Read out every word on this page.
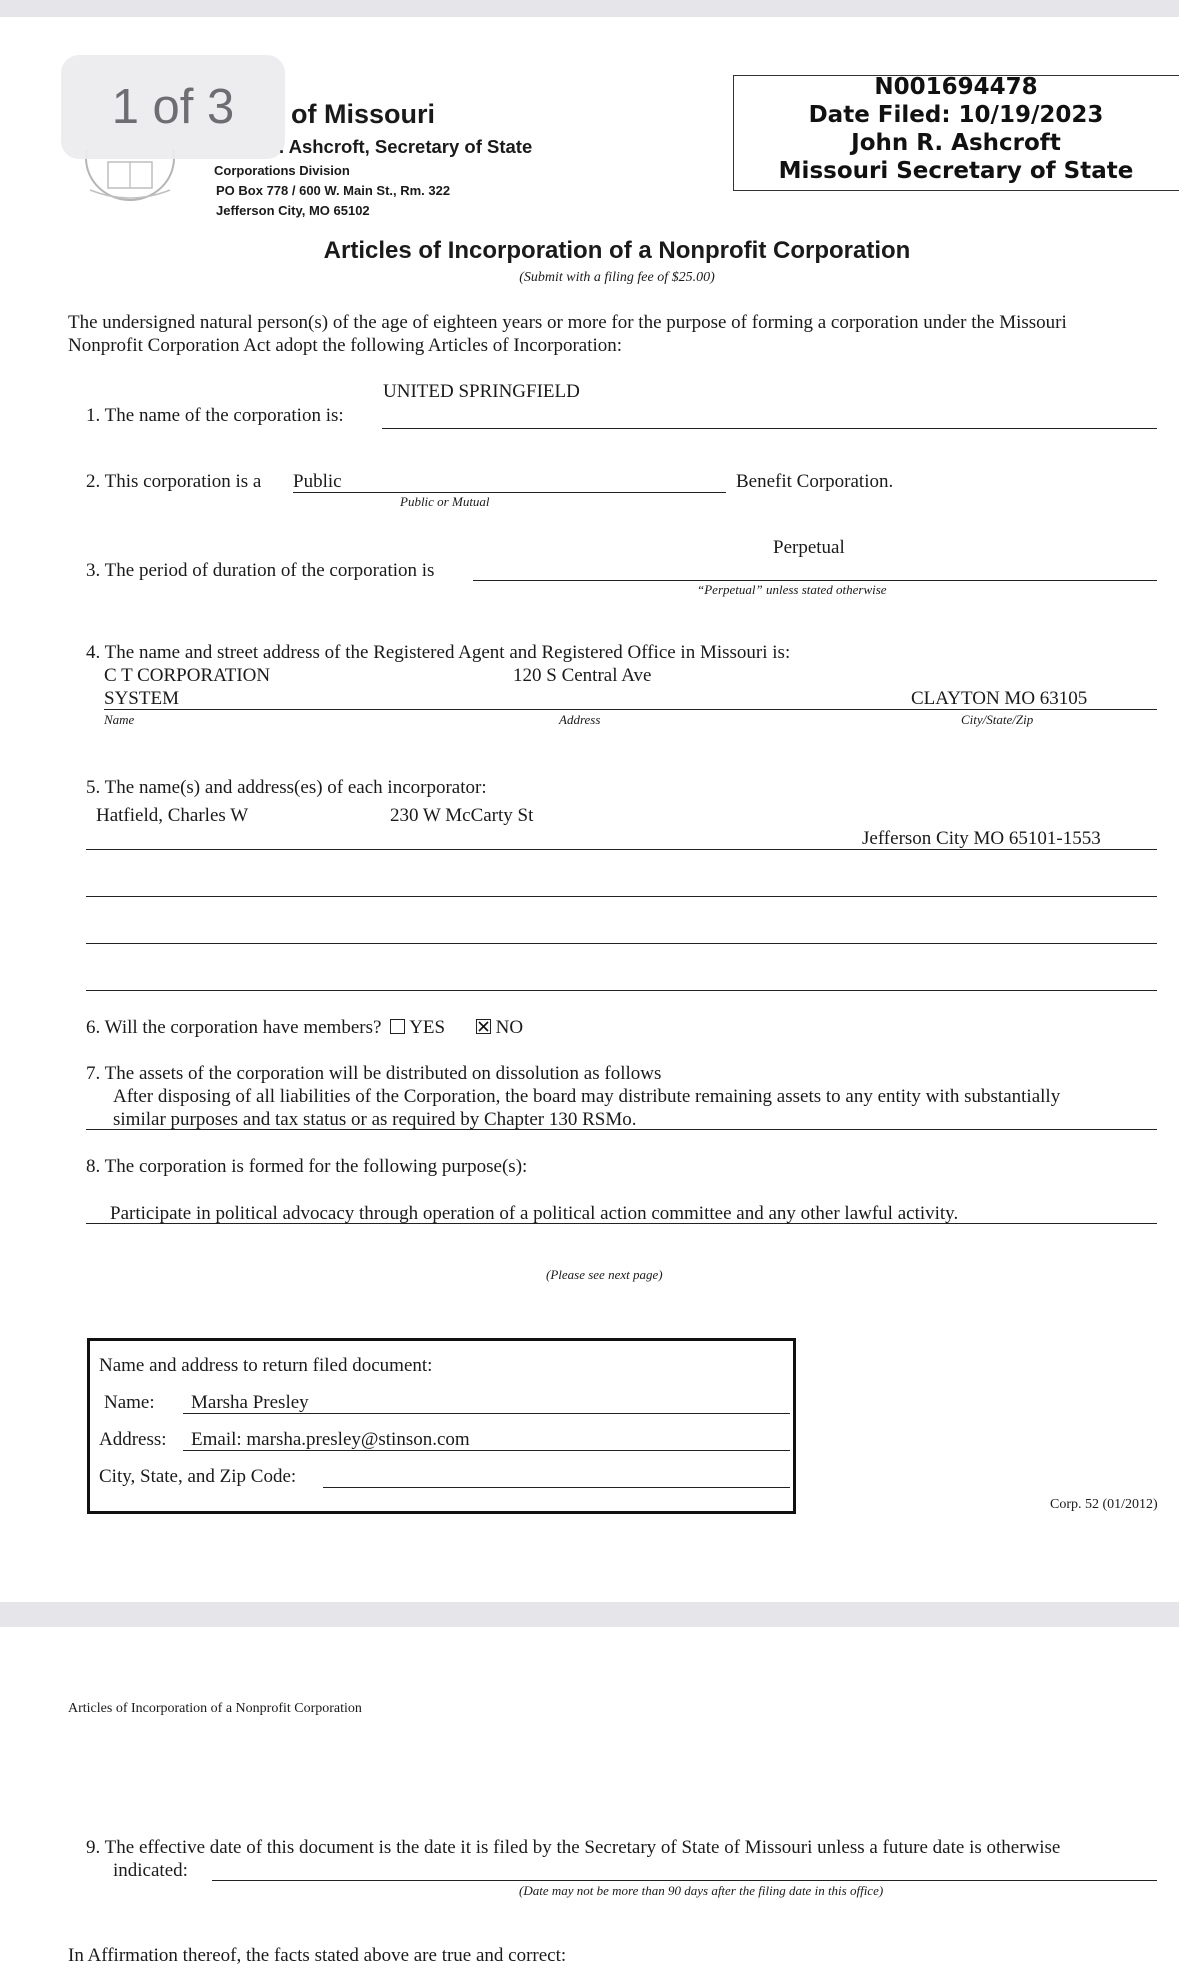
1 of 3	of Missouri
. Ashcroft, Secretary of State
Corporations Division
PO Box 778 / 600 W. Main St., Rm. 322
Jefferson City, MO 65102
N001694478
Date Filed: 10/19/2023
John R. Ashcroft
Missouri Secretary of State
Articles of Incorporation of a Nonprofit Corporation
(Submit with a filing fee of $25.00)
The undersigned natural person(s) of the age of eighteen years or more for the purpose of forming a corporation under the Missouri Nonprofit Corporation Act adopt the following Articles of Incorporation:
1. The name of the corporation is:
UNITED SPRINGFIELD
2. This corporation is a Public
Public or Mutual
Benefit Corporation.
Perpetual
3. The period of duration of the corporation is
“Perpetual” unless stated otherwise
4. The name and street address of the Registered Agent and Registered Office in Missouri is:
C T CORPORATION
SYSTEM
120 S Central Ave
CLAYTON MO 63105
Name	Address	City/State/Zip
5. The name(s) and address(es) of each incorporator:
Hatfield, Charles W	230 W McCarty St
Jefferson City MO 65101-1553
6. Will the corporation have members? YES	NO
7. The assets of the corporation will be distributed on dissolution as follows
After disposing of all liabilities of the Corporation, the board may distribute remaining assets to any entity with substantially
similar purposes and tax status or as required by Chapter 130 RSMo.
8. The corporation is formed for the following purpose(s):
Participate in political advocacy through operation of a political action committee and any other lawful activity.
(Please see next page)
Name and address to return filed document:
Name: Marsha Presley
Address: Email: marsha.presley@stinson.com
City, State, and Zip Code:
Corp. 52 (01/2012)
Articles of Incorporation of a Nonprofit Corporation
9. The effective date of this document is the date it is filed by the Secretary of State of Missouri unless a future date is otherwise
indicated:
(Date may not be more than 90 days after the filing date in this office)
In Affirmation thereof, the facts stated above are true and correct:
